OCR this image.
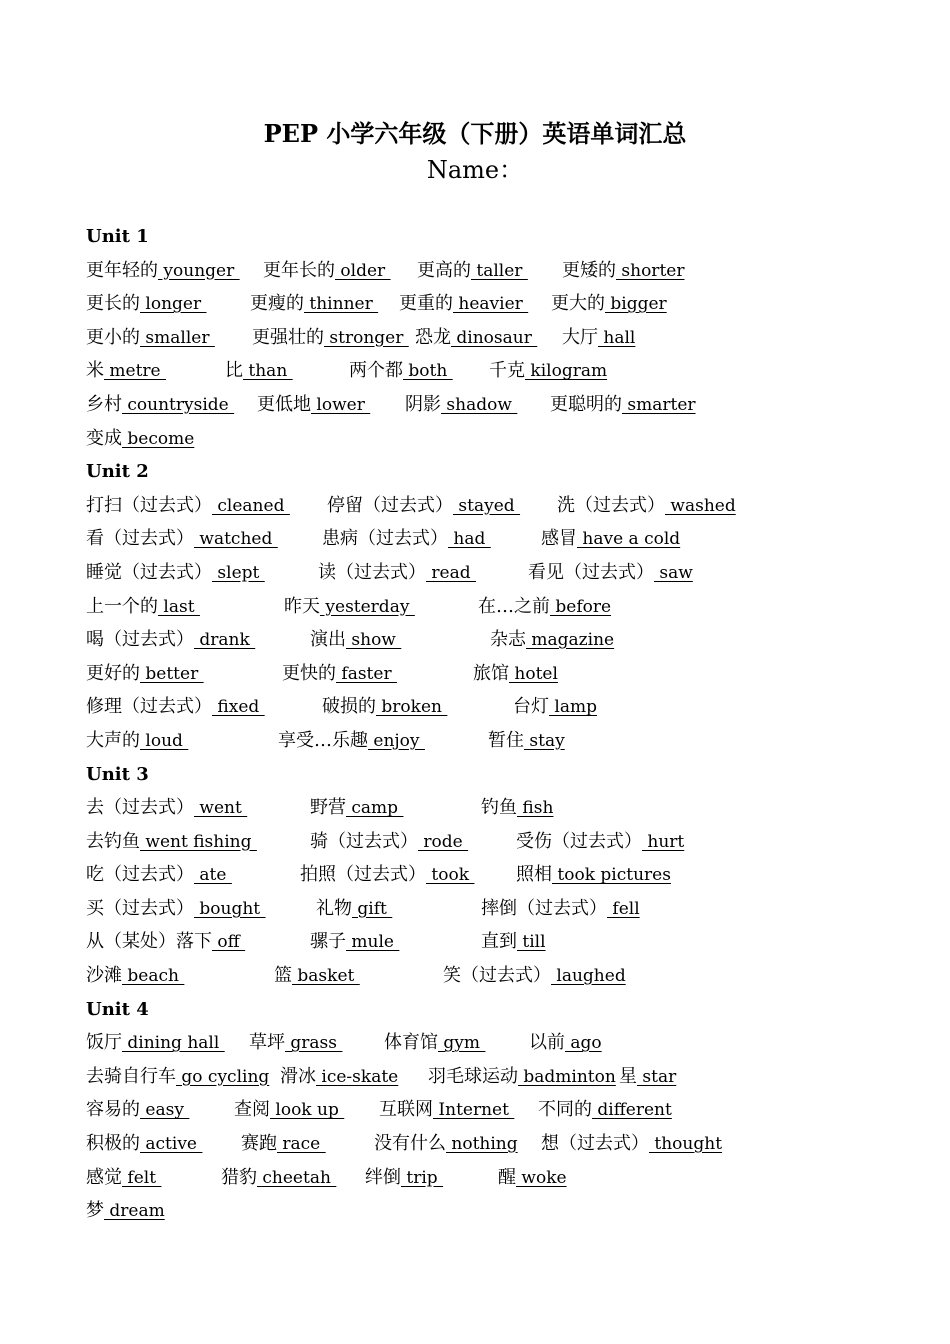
PEP 小学六年级（下册）英语单词汇总
Name：
Unit 1
更年轻的 younger 更年长的 older 更高的 taller 更矮的 shorter
更长的 longer 更瘦的 thinner 更重的 heavier 更大的 bigger
更小的 smaller 更强壮的 stronger 恐龙 dinosaur 大厅 hall
米 metre	比 than	两个都 both 千克 kilogram
乡村 countryside 更低地 lower 阴影 shadow 更聪明的 smarter
变成 become
Unit 2
打扫（过去式） cleaned 停留（过去式） stayed 洗（过去式） washed
看（过去式） watched 患病（过去式） had	感冒 have a cold
睡觉（过去式） slept	读（过去式） read	看见（过去式） saw
上一个的 last	昨天 yesterday	在…之前 before
喝（过去式） drank	演出 show	杂志 magazine
更好的 better	更快的 faster	旅馆 hotel
修理（过去式） fixed	破损的 broken	台灯 lamp
大声的 loud	享受…乐趣 enjoy	暂住 stay
Unit 3
去（过去式） went	野营 camp	钓鱼 fish
去钓鱼 went fishing	骑（过去式） rode	受伤（过去式） hurt
吃（过去式） ate	拍照（过去式） took 照相 took pictures
买（过去式） bought	礼物 gift	摔倒（过去式） fell
从（某处）落下 off	骡子 mule	直到 till
沙滩 beach	篮 basket	笑（过去式） laughed
Unit 4
饭厅 dining hall 草坪 grass 体育馆 gym 以前 ago
去骑自行车 go cycling 滑冰 ice-skate 羽毛球运动 badminton 星 star
容易的 easy 查阅 look up 互联网 Internet 不同的 different
积极的 active 赛跑 race	没有什么 nothing 想（过去式） thought
感觉 felt	猎豹 cheetah 绊倒 trip	醒 woke
梦 dream
